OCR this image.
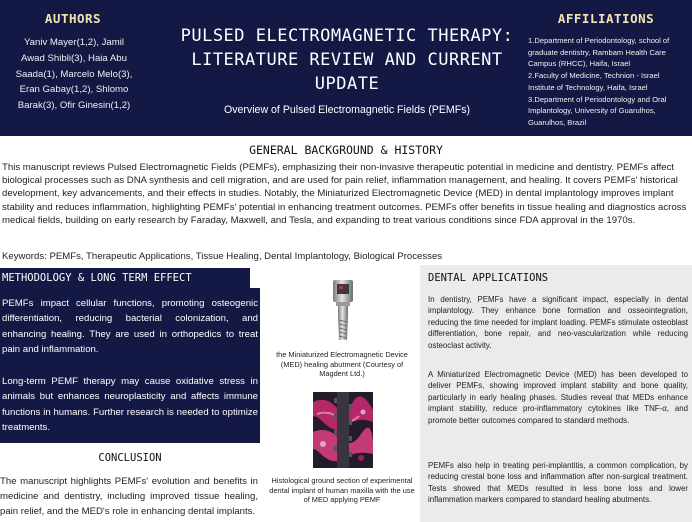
AUTHORS
Yaniv Mayer(1,2), Jamil Awad Shibli(3), Haia Abu Saada(1), Marcelo Melo(3), Eran Gabay(1,2), Shlomo Barak(3), Ofir Ginesin(1,2)
PULSED ELECTROMAGNETIC THERAPY: LITERATURE REVIEW AND CURRENT UPDATE
Overview of Pulsed Electromagnetic Fields (PEMFs)
AFFILIATIONS
1.Department of Periodontology, school of graduate dentistry, Rambam Health Care Campus (RHCC), Haifa, Israel
2.Faculty of Medicine, Technion - Israel Institute of Technology, Haifa, Israel
3.Department of Periodontology and Oral Implantology, University of Guarulhos, Guarulhos, Brazil
GENERAL BACKGROUND & HISTORY
This manuscript reviews Pulsed Electromagnetic Fields (PEMFs), emphasizing their non-invasive therapeutic potential in medicine and dentistry. PEMFs affect biological processes such as DNA synthesis and cell migration, and are used for pain relief, inflammation management, and healing. It covers PEMFs' historical development, key advancements, and their effects in studies. Notably, the Miniaturized Electromagnetic Device (MED) in dental implantology improves implant stability and reduces inflammation, highlighting PEMFs' potential in enhancing treatment outcomes. PEMFs offer benefits in tissue healing and diagnostics across medical fields, building on early research by Faraday, Maxwell, and Tesla, and expanding to treat various conditions since FDA approval in the 1970s.
Keywords: PEMFs, Therapeutic Applications, Tissue Healing, Dental Implantology, Biological Processes
METHODOLOGY & LONG TERM EFFECT
PEMFs impact cellular functions, promoting osteogenic differentiation, reducing bacterial colonization, and enhancing healing. They are used in orthopedics to treat pain and inflammation.
Long-term PEMF therapy may cause oxidative stress in animals but enhances neuroplasticity and affects immune functions in humans. Further research is needed to optimize treatments.
CONCLUSION
The manuscript highlights PEMFs' evolution and benefits in medicine and dentistry, including improved tissue healing, pain relief, and the MED's role in enhancing dental implants.
the Miniaturized Electromagnetic Device (MED) healing abutment (Courtesy of Magdent Ltd.)
Histological ground section of experimental dental implant of human maxilla with the use of MED applying PEMF
DENTAL APPLICATIONS
In dentistry, PEMFs have a significant impact, especially in dental implantology. They enhance bone formation and osseointegration, reducing the time needed for implant loading. PEMFs stimulate osteoblast differentiation, bone repair, and neo-vascularization while reducing osteoclast activity.
A Miniaturized Electromagnetic Device (MED) has been developed to deliver PEMFs, showing improved implant stability and bone quality, particularly in early healing phases. Studies reveal that MEDs enhance implant stability, reduce pro-inflammatory cytokines like TNF-α, and promote better outcomes compared to standard methods.
PEMFs also help in treating peri-implantitis, a common complication, by reducing crestal bone loss and inflammation after non-surgical treatment. Tests showed that MEDs resulted in less bone loss and lower inflammation markers compared to standard healing abutments.
